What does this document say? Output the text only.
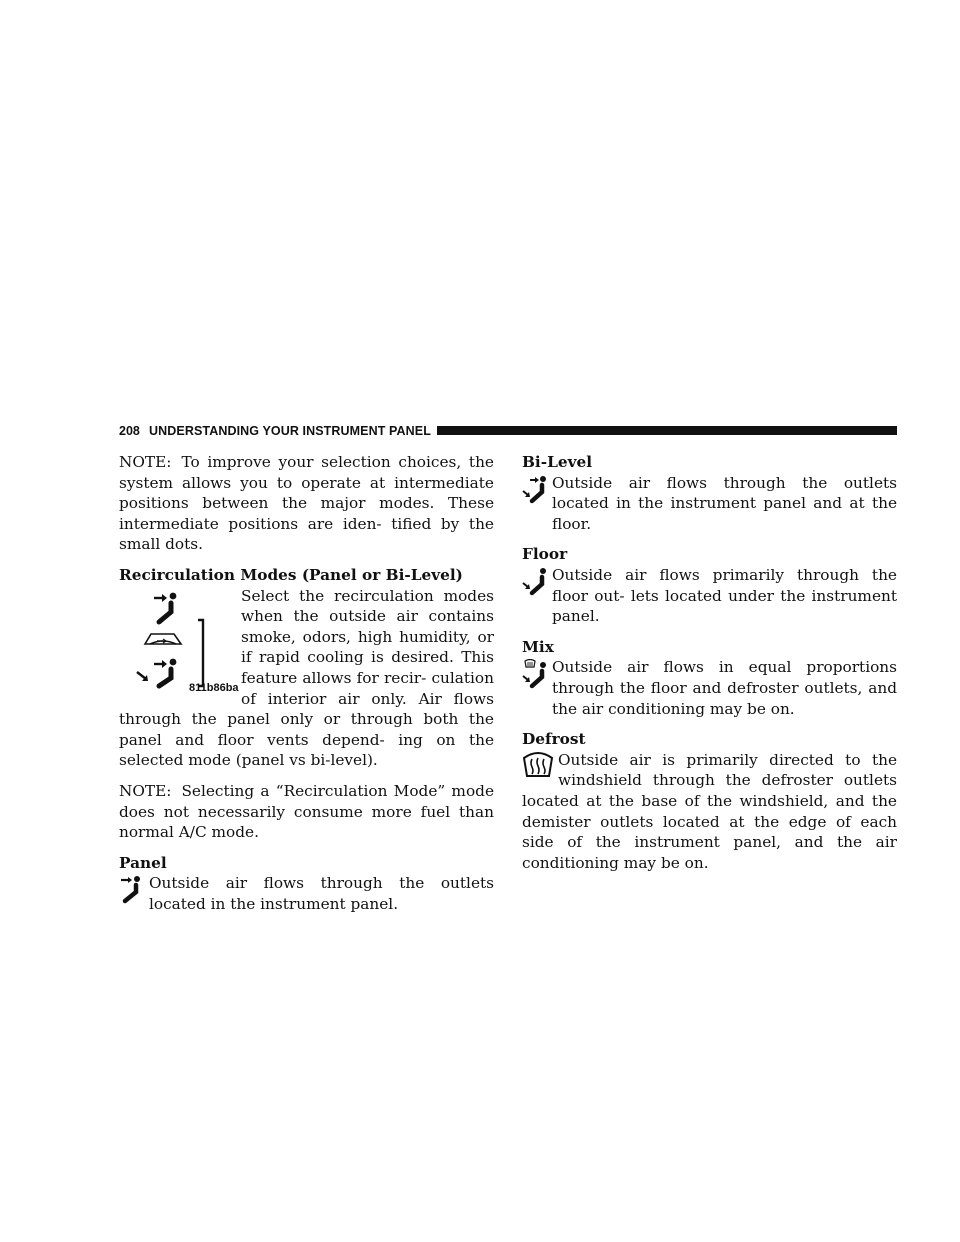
208 UNDERSTANDING YOUR INSTRUMENT PANEL

NOTE: To improve your selection choices, the system allows you to operate at intermediate positions between the major modes. These intermediate positions are iden- tified by the small dots.

Recirculation Modes (Panel or Bi-Level)
811b86ba

Select the recirculation modes when the outside air contains smoke, odors, high humidity, or if rapid cooling is desired. This feature allows for recir- culation of interior air only. Air flows through the panel only or through both the panel and floor vents depend- ing on the selected mode (panel vs bi-level).

NOTE: Selecting a “Recirculation Mode” mode does not necessarily consume more fuel than normal A/C mode.

Panel

Outside air flows through the outlets located in the instrument panel.

Bi-Level

Outside air flows through the outlets located in the instrument panel and at the floor.

Floor

Outside air flows primarily through the floor out- lets located under the instrument panel.

Mix

Outside air flows in equal proportions through the floor and defroster outlets, and the air conditioning may be on.

Defrost

Outside air is primarily directed to the windshield through the defroster outlets located at the base of the windshield, and the demister outlets located at the edge of each side of the instrument panel, and the air conditioning may be on.
